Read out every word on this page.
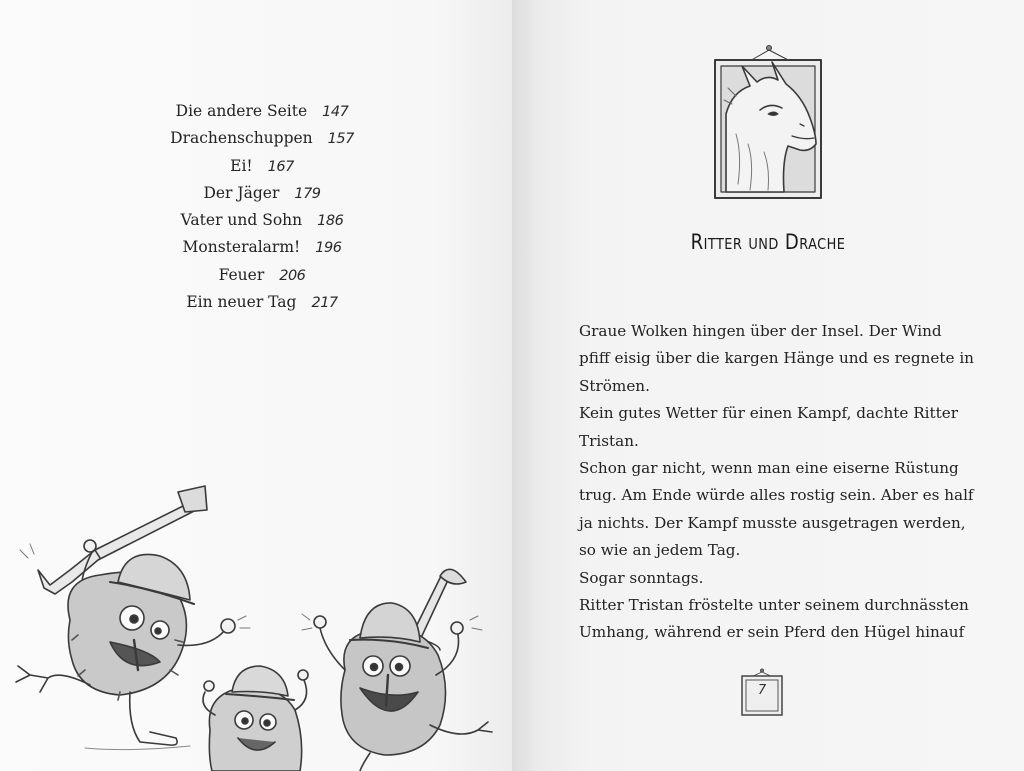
Die andere Seite 147
Drachenschuppen 157
Ei! 167
Der Jäger 179
Vater und Sohn 186
Monsteralarm! 196
Feuer 206
Ein neuer Tag 217
Ritter und Drache
Graue Wolken hingen über der Insel. Der Wind
pfiff eisig über die kargen Hänge und es regnete in
Strömen.
Kein gutes Wetter für einen Kampf, dachte Ritter
Tristan.
Schon gar nicht, wenn man eine eiserne Rüstung
trug. Am Ende würde alles rostig sein. Aber es half
ja nichts. Der Kampf musste ausgetragen werden,
so wie an jedem Tag.
Sogar sonntags.
Ritter Tristan fröstelte unter seinem durchnässten
Umhang, während er sein Pferd den Hügel hinauf
7
